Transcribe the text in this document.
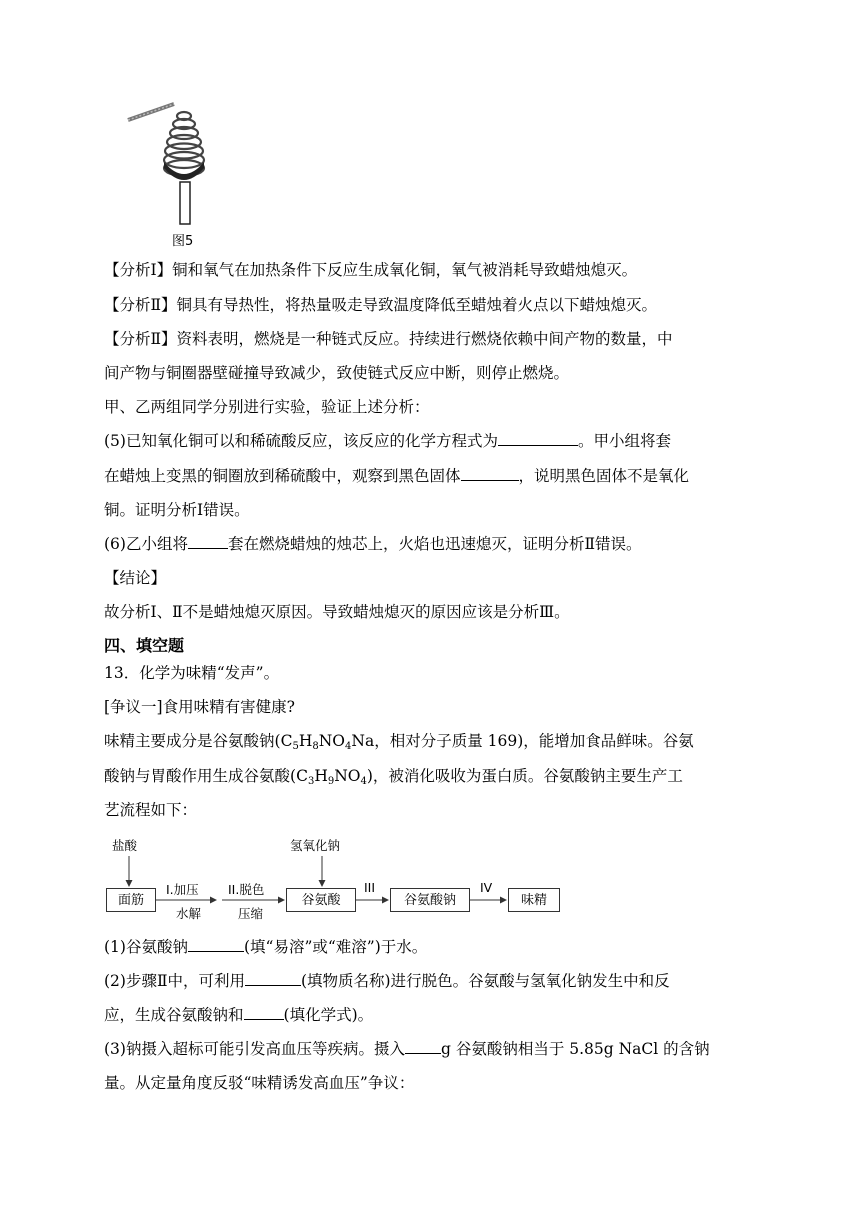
图5
【分析Ⅰ】铜和氧气在加热条件下反应生成氧化铜，氧气被消耗导致蜡烛熄灭。
【分析Ⅱ】铜具有导热性，将热量吸走导致温度降低至蜡烛着火点以下蜡烛熄灭。
【分析Ⅱ】资料表明，燃烧是一种链式反应。持续进行燃烧依赖中间产物的数量，中
间产物与铜圈器壁碰撞导致减少，致使链式反应中断，则停止燃烧。
甲、乙两组同学分别进行实验，验证上述分析：
(5)已知氧化铜可以和稀硫酸反应，该反应的化学方程式为	。甲小组将套
在蜡烛上变黑的铜圈放到稀硫酸中，观察到黑色固体	，说明黑色固体不是氧化
铜。证明分析Ⅰ错误。
(6)乙小组将	套在燃烧蜡烛的烛芯上，火焰也迅速熄灭，证明分析Ⅱ错误。
【结论】
故分析Ⅰ、Ⅱ不是蜡烛熄灭原因。导致蜡烛熄灭的原因应该是分析Ⅲ。
四、填空题
13．化学为味精“发声”。
[争议一]食用味精有害健康?
味精主要成分是谷氨酸钠($C_5H_8NO_4Na$，相对分子质量 169)，能增加食品鲜味。谷氨
酸钠与胃酸作用生成谷氨酸$(C_3H_9NO_4)$，被消化吸收为蛋白质。谷氨酸钠主要生产工
艺流程如下：
盐酸	氢氧化钠
面筋
I.加压
水解
II.脱色
压缩
谷氨酸
III
谷氨酸钠
IV
味精
(1)谷氨酸钠	(填“易溶”或“难溶”)于水。
(2)步骤Ⅱ中，可利用	(填物质名称)进行脱色。谷氨酸与氢氧化钠发生中和反
应，生成谷氨酸钠和	(填化学式)。
(3)钠摄入超标可能引发高血压等疾病。摄入 g 谷氨酸钠相当于 5.85g NaCl 的含钠
量。从定量角度反驳“味精诱发高血压”争议：
